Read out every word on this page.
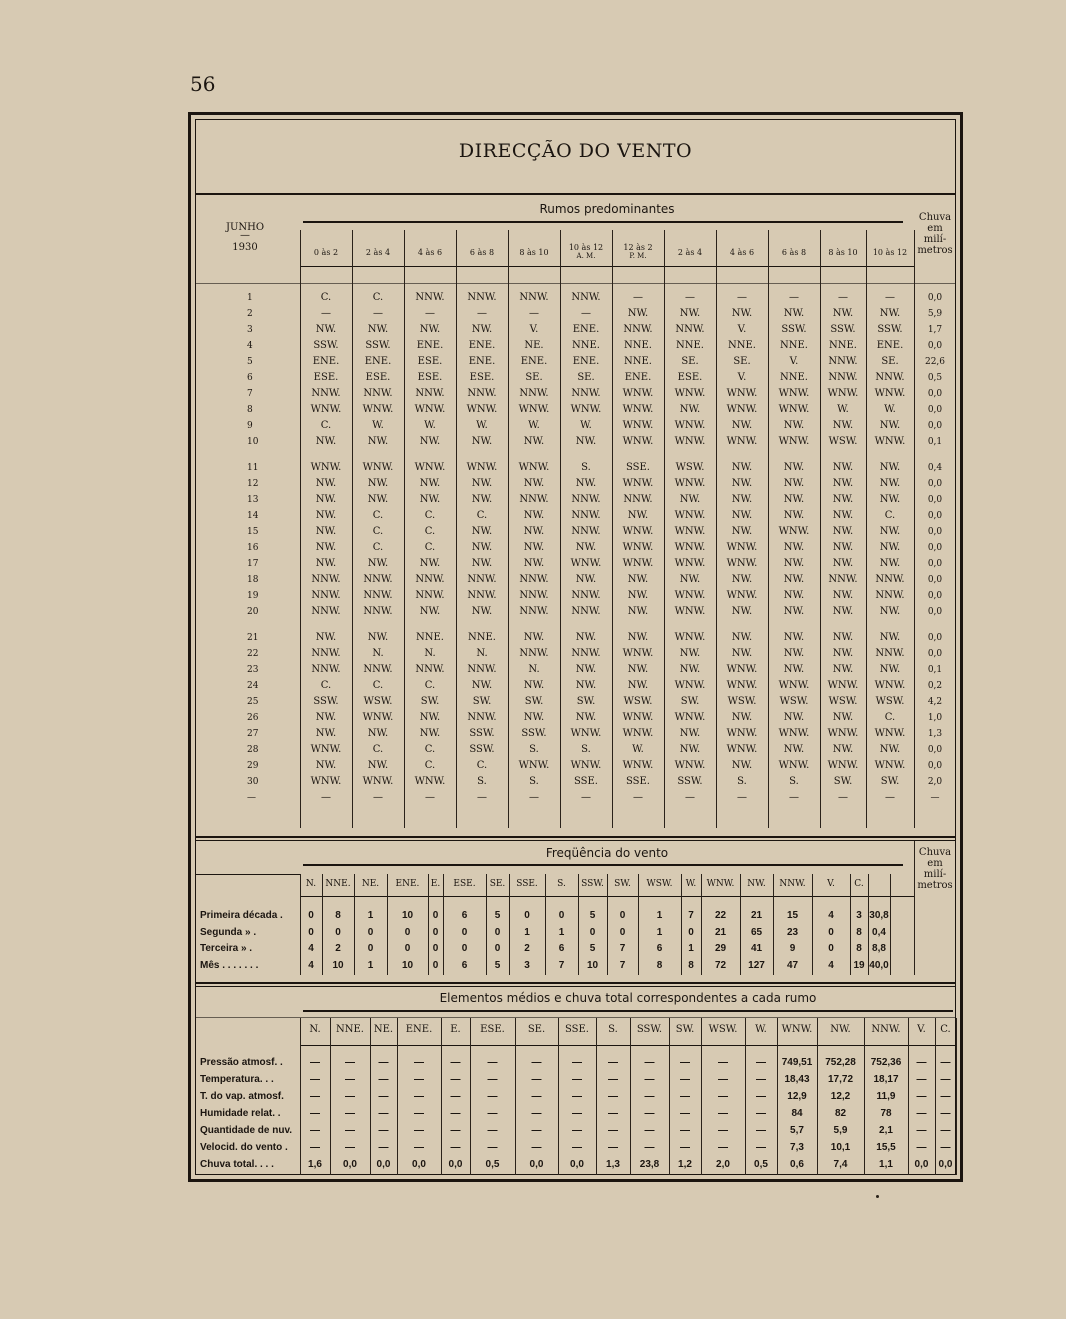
56
DIRECÇÃO DO VENTO
Rumos predominantes
JUNHO
—
1930	0 às 2	2 às 4	4 às 6	6 às 8	8 às 10
10 às 12
A. M.
12 às 2
P. M.	2 às 4	4 às 6	6 às 8	8 às 10	10 às 12
Chuva
em
milí-
metros
1	C.	C.	NNW.	NNW.	NNW.	NNW.	—	—	—	—	—	—	0,0
2	—	—	—	—	—	—	NW.	NW.	NW.	NW.	NW.	NW.	5,9
3	NW.	NW.	NW.	NW.	V.	ENE.	NNW.	NNW.	V.	SSW.	SSW.	SSW.	1,7
4	SSW.	SSW.	ENE.	ENE.	NE.	NNE.	NNE.	NNE.	NNE.	NNE.	NNE.	ENE.	0,0
5	ENE.	ENE.	ESE.	ENE.	ENE.	ENE.	NNE.	SE.	SE.	V.	NNW.	SE.	22,6
6	ESE.	ESE.	ESE.	ESE.	SE.	SE.	ENE.	ESE.	V.	NNE.	NNW.	NNW.	0,5
7	NNW.	NNW.	NNW.	NNW.	NNW.	NNW.	WNW.	WNW.	WNW.	WNW.	WNW.	WNW.	0,0
8	WNW.	WNW.	WNW.	WNW.	WNW.	WNW.	WNW.	NW.	WNW.	WNW.	W.	W.	0,0
9	C.	W.	W.	W.	W.	W.	WNW.	WNW.	NW.	NW.	NW.	NW.	0,0
10	NW.	NW.	NW.	NW.	NW.	NW.	WNW.	WNW.	WNW.	WNW.	WSW.	WNW.	0,1

11	WNW.	WNW.	WNW.	WNW.	WNW.	S.	SSE.	WSW.	NW.	NW.	NW.	NW.	0,4
12	NW.	NW.	NW.	NW.	NW.	NW.	WNW.	WNW.	NW.	NW.	NW.	NW.	0,0
13	NW.	NW.	NW.	NW.	NNW.	NNW.	NNW.	NW.	NW.	NW.	NW.	NW.	0,0
14	NW.	C.	C.	C.	NW.	NNW.	NW.	WNW.	NW.	NW.	NW.	C.	0,0
15	NW.	C.	C.	NW.	NW.	NNW.	WNW.	WNW.	NW.	WNW.	NW.	NW.	0,0
16	NW.	C.	C.	NW.	NW.	NW.	WNW.	WNW.	WNW.	NW.	NW.	NW.	0,0
17	NW.	NW.	NW.	NW.	NW.	WNW.	WNW.	WNW.	WNW.	NW.	NW.	NW.	0,0
18	NNW.	NNW.	NNW.	NNW.	NNW.	NW.	NW.	NW.	NW.	NW.	NNW.	NNW.	0,0
19	NNW.	NNW.	NNW.	NNW.	NNW.	NNW.	NW.	WNW.	WNW.	NW.	NW.	NNW.	0,0
20	NNW.	NNW.	NW.	NW.	NNW.	NNW.	NW.	WNW.	NW.	NW.	NW.	NW.	0,0

21	NW.	NW.	NNE.	NNE.	NW.	NW.	NW.	WNW.	NW.	NW.	NW.	NW.	0,0
22	NNW.	N.	N.	N.	NNW.	NNW.	WNW.	NW.	NW.	NW.	NW.	NNW.	0,0
23	NNW.	NNW.	NNW.	NNW.	N.	NW.	NW.	NW.	WNW.	NW.	NW.	NW.	0,1
24	C.	C.	C.	NW.	NW.	NW.	NW.	WNW.	WNW.	WNW.	WNW.	WNW.	0,2
25	SSW.	WSW.	SW.	SW.	SW.	SW.	WSW.	SW.	WSW.	WSW.	WSW.	WSW.	4,2
26	NW.	WNW.	NW.	NNW.	NW.	NW.	WNW.	WNW.	NW.	NW.	NW.	C.	1,0
27	NW.	NW.	NW.	SSW.	SSW.	WNW.	WNW.	NW.	WNW.	WNW.	WNW.	WNW.	1,3
28	WNW.	C.	C.	SSW.	S.	S.	W.	NW.	WNW.	NW.	NW.	NW.	0,0
29	NW.	NW.	C.	C.	WNW.	WNW.	WNW.	WNW.	NW.	WNW.	WNW.	WNW.	0,0
30	WNW.	WNW.	WNW.	S.	S.	SSE.	SSE.	SSW.	S.	S.	SW.	SW.	2,0
—	—	—	—	—	—	—	—	—	—	—	—	—	—
Freqüência do vento	Chuva
em
milí-
metros
N.	NNE.	NE.	ENE.	E.	ESE.	SE.	SSE.	S.	SSW.	SW.	WSW.	W.	WNW.	NW.	NNW.	V.	C.
Primeira década .	0	8	1	10	0	6	5	0	0	5	0	1	7	22	21	15	4	3	30,8
Segunda » .	0	0	0	0	0	0	0	1	1	0	0	1	0	21	65	23	0	8	0,4
Terceira » .	4	2	0	0	0	0	0	2	6	5	7	6	1	29	41	9	0	8	8,8
Mês . . . . . . .	4	10	1	10	0	6	5	3	7	10	7	8	8	72	127	47	4	19	40,0
Elementos médios e chuva total correspondentes a cada rumo
N.	NNE. NE.	ENE.	E.	ESE.	SE.	SSE.	S.	SSW.	SW.	WSW.	W.	WNW.	NW.	NNW.	V.	C.
Pressão atmosf. .	—	—	—	—	—	—	—	—	—	—	—	—	—	749,51	752,28	752,36	—	—
Temperatura. . .	—	—	—	—	—	—	—	—	—	—	—	—	—	18,43	17,72	18,17	—	—
T. do vap. atmosf.	—	—	—	—	—	—	—	—	—	—	—	—	—	12,9	12,2	11,9	—	—
Humidade relat. .	—	—	—	—	—	—	—	—	—	—	—	—	—	84	82	78	—	—
Quantidade de nuv.	—	—	—	—	—	—	—	—	—	—	—	—	—	5,7	5,9	2,1	—	—
Velocid. do vento .	—	—	—	—	—	—	—	—	—	—	—	—	—	7,3	10,1	15,5	—	—
Chuva total. . . .	1,6	0,0	0,0	0,0	0,0	0,5	0,0	0,0	1,3	23,8	1,2	2,0	0,5	0,6	7,4	1,1	0,0	0,0
